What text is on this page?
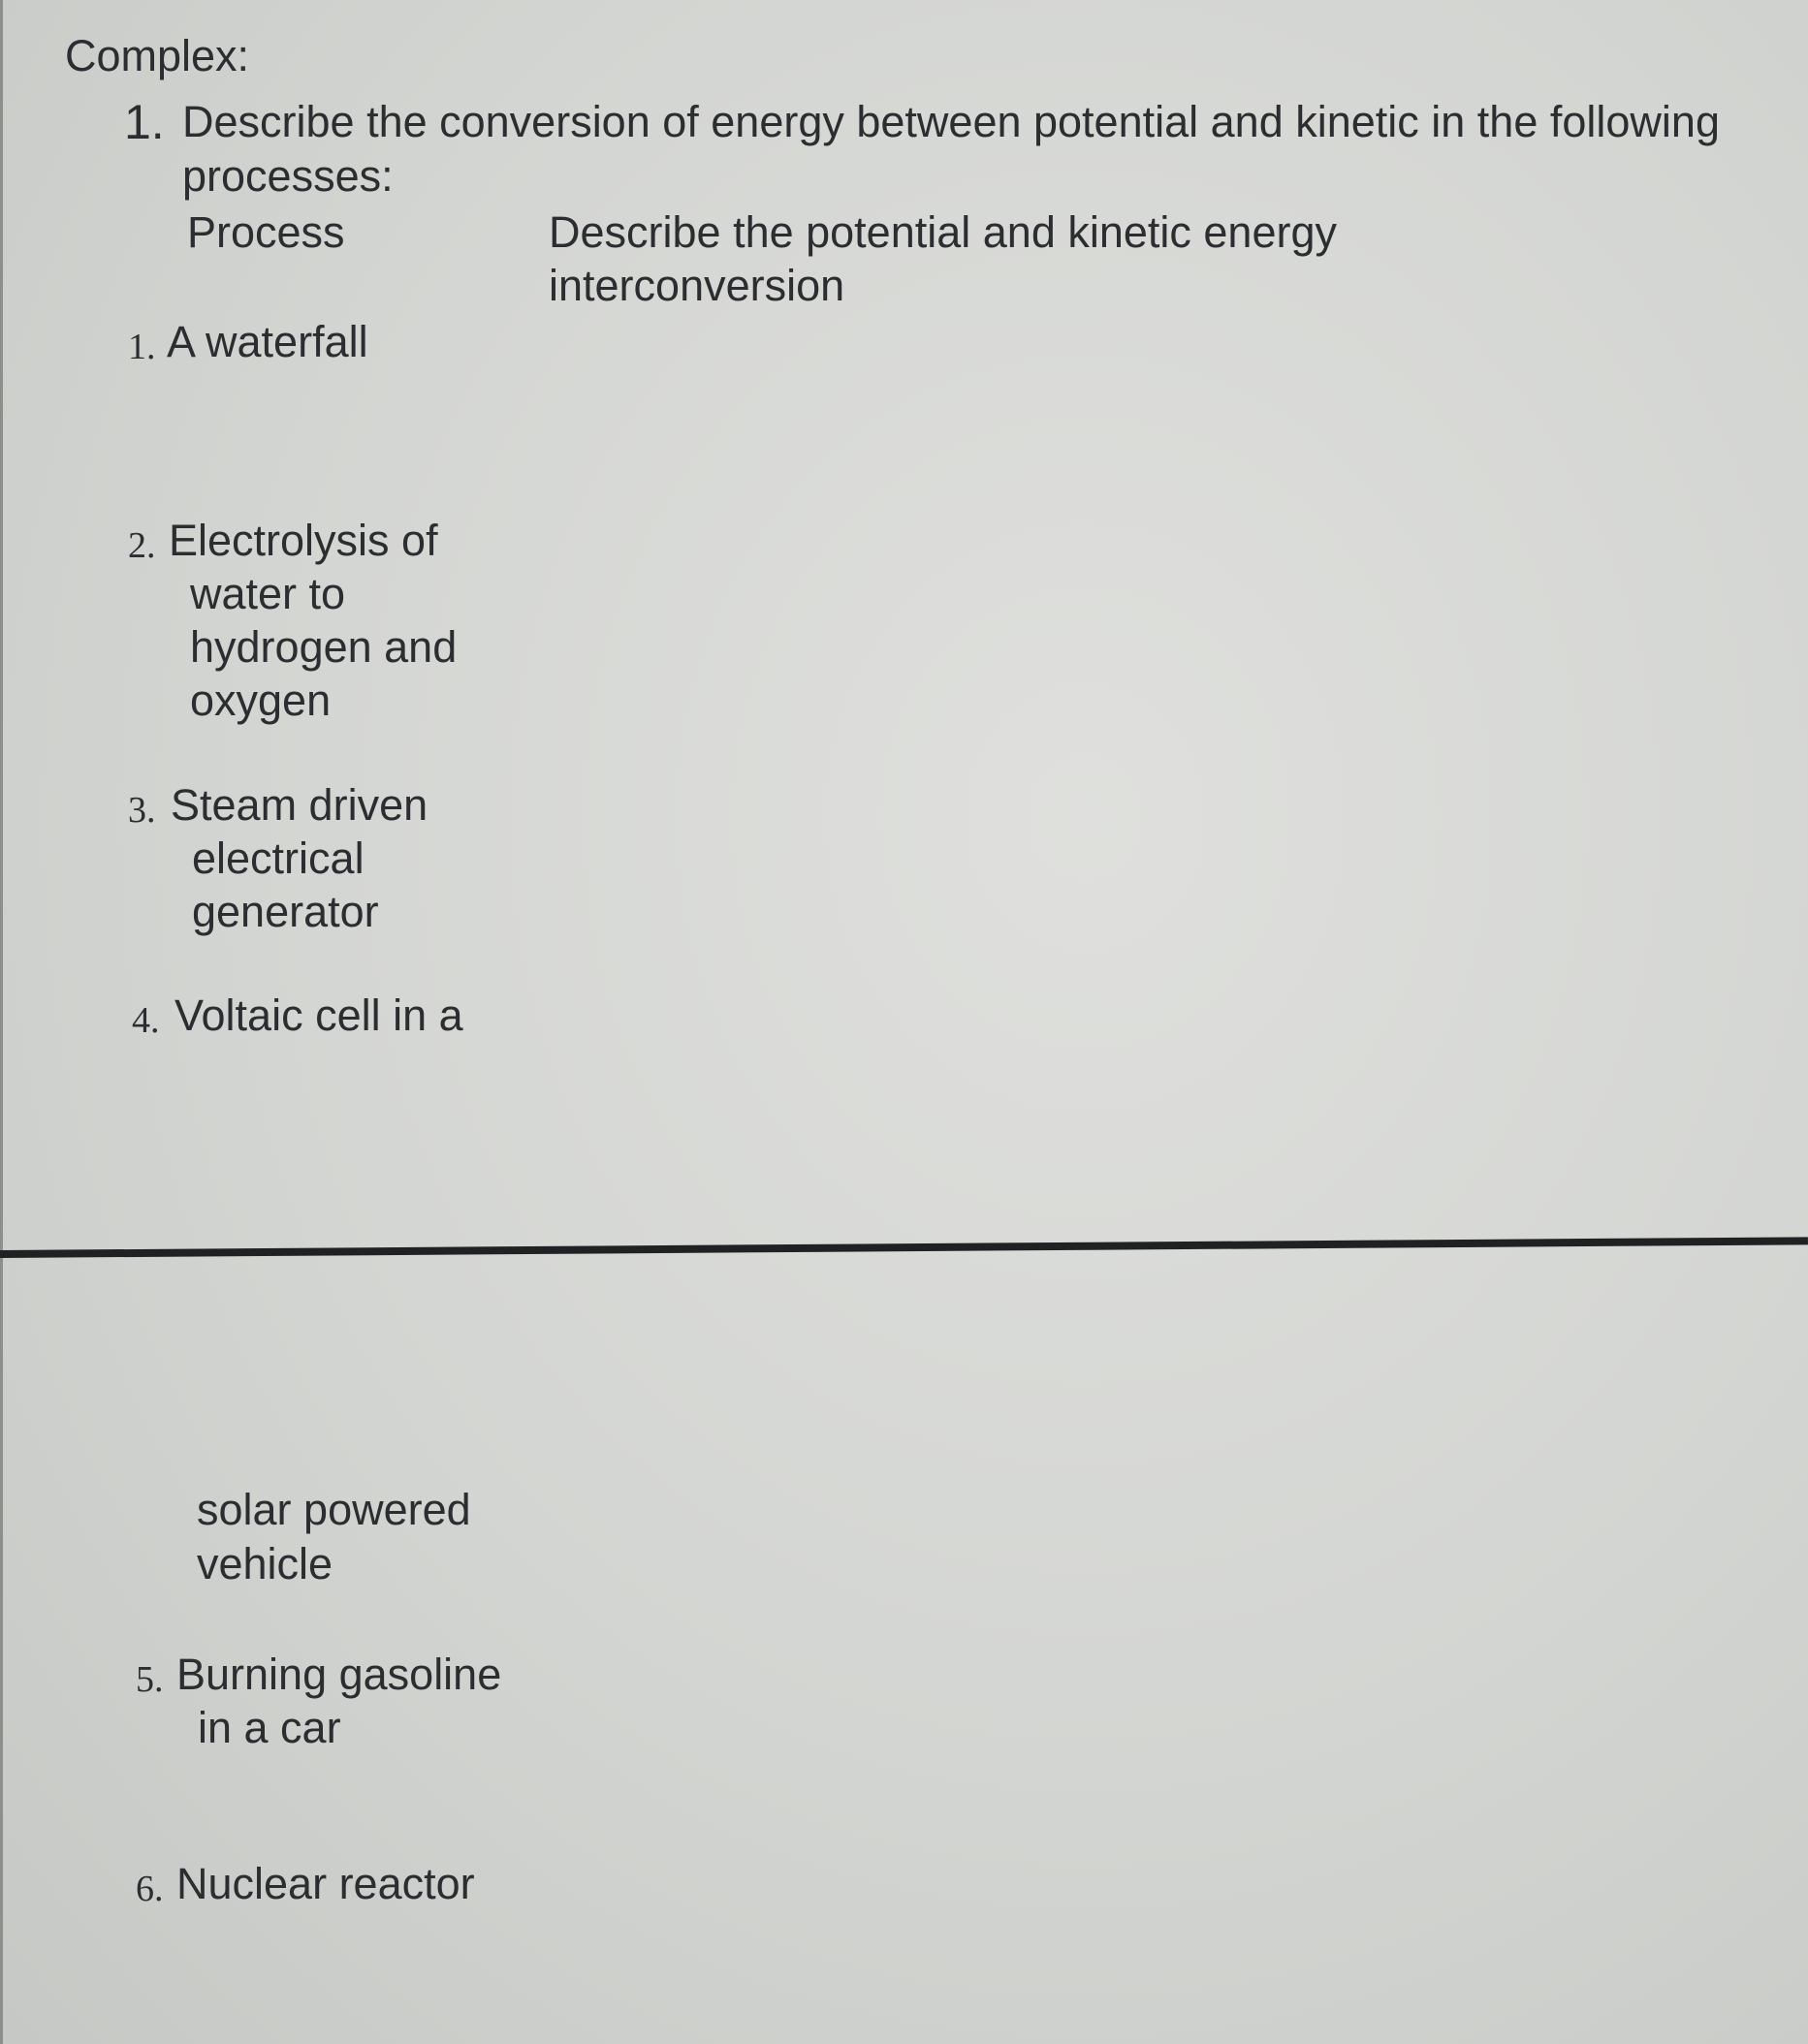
Complex:
1. Describe the conversion of energy between potential and kinetic in the following
processes:
Process	Describe the potential and kinetic energy
interconversion
1. A waterfall
2. Electrolysis of
water to
hydrogen and
oxygen
3. Steam driven
electrical
generator
4. Voltaic cell in a
solar powered
vehicle
5. Burning gasoline
in a car
6. Nuclear reactor
